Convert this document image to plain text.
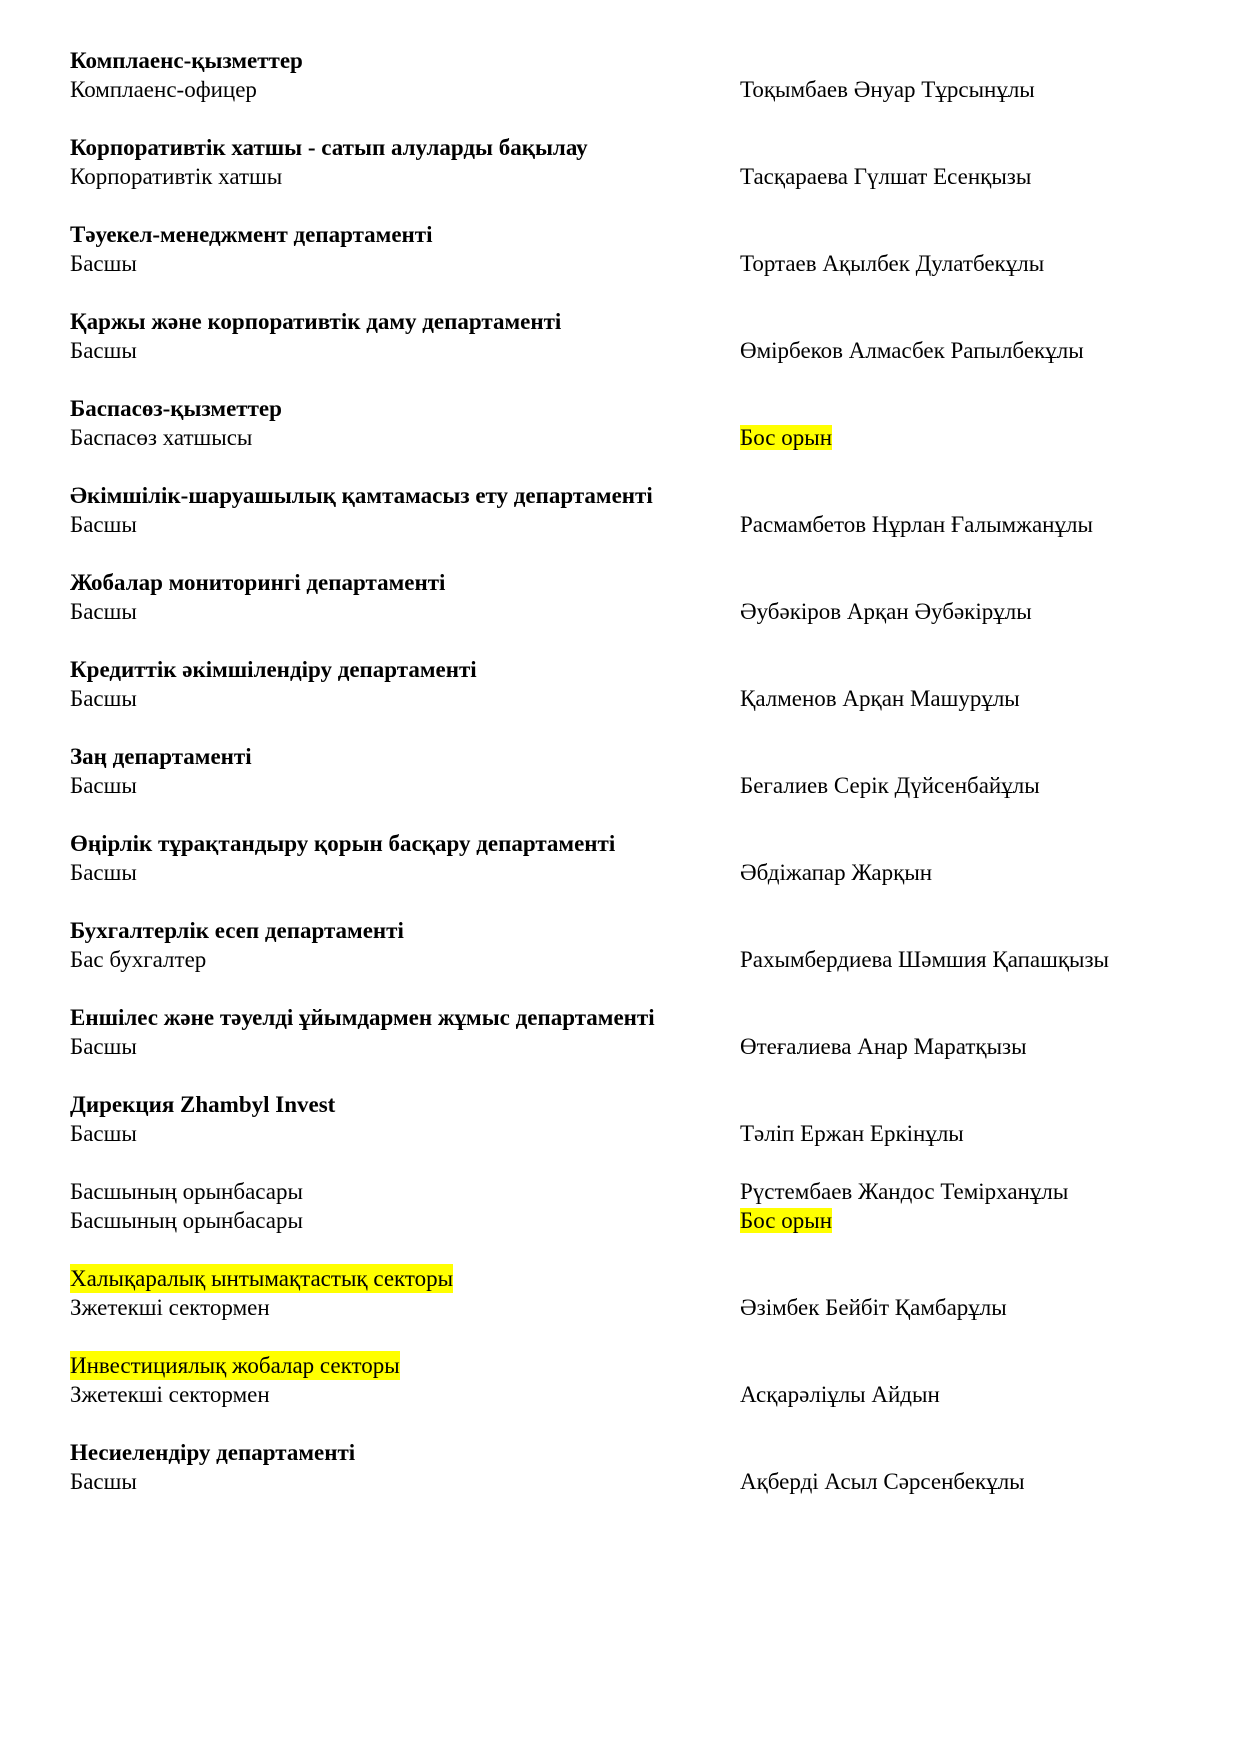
Комплаенс-қызметтер
Комплаенс-офицер	Тоқымбаев Әнуар Тұрсынұлы
Корпоративтік хатшы - сатып алуларды бақылау
Корпоративтік хатшы	Тасқараева Гүлшат Есенқызы
Тәуекел-менеджмент департаменті
Басшы	Тортаев Ақылбек Дулатбекұлы
Қаржы және корпоративтік даму департаменті
Басшы	Өмірбеков Алмасбек Рапылбекұлы
Баспасөз-қызметтер
Баспасөз хатшысы	Бос орын
Әкімшілік-шаруашылық қамтамасыз ету департаменті
Басшы	Расмамбетов Нұрлан Ғалымжанұлы
Жобалар мониторингі департаменті
Басшы	Әубәкіров Арқан Әубәкірұлы
Кредиттік әкімшілендіру департаменті
Басшы	Қалменов Арқан Машурұлы
Заң департаменті
Басшы	Бегалиев Серік Дүйсенбайұлы
Өңірлік тұрақтандыру қорын басқару департаменті
Басшы	Әбдіжапар Жарқын
Бухгалтерлік есеп департаменті
Бас бухгалтер	Рахымбердиева Шәмшия Қапашқызы
Еншілес және тәуелді ұйымдармен жұмыс департаменті
Басшы	Өтеғалиева Анар Маратқызы
Дирекция Zhambyl Invest
Басшы	Тәліп Ержан Еркінұлы
Басшының орынбасары	Рүстембаев Жандос Темірханұлы
Басшының орынбасары	Бос орын
Халықаралық ынтымақтастық секторы
Зжетекші сектормен	Әзімбек Бейбіт Қамбарұлы
Инвестициялық жобалар секторы
Зжетекші сектормен	Асқарәліұлы Айдын
Несиелендіру департаменті
Басшы	Ақберді Асыл Сәрсенбекұлы
